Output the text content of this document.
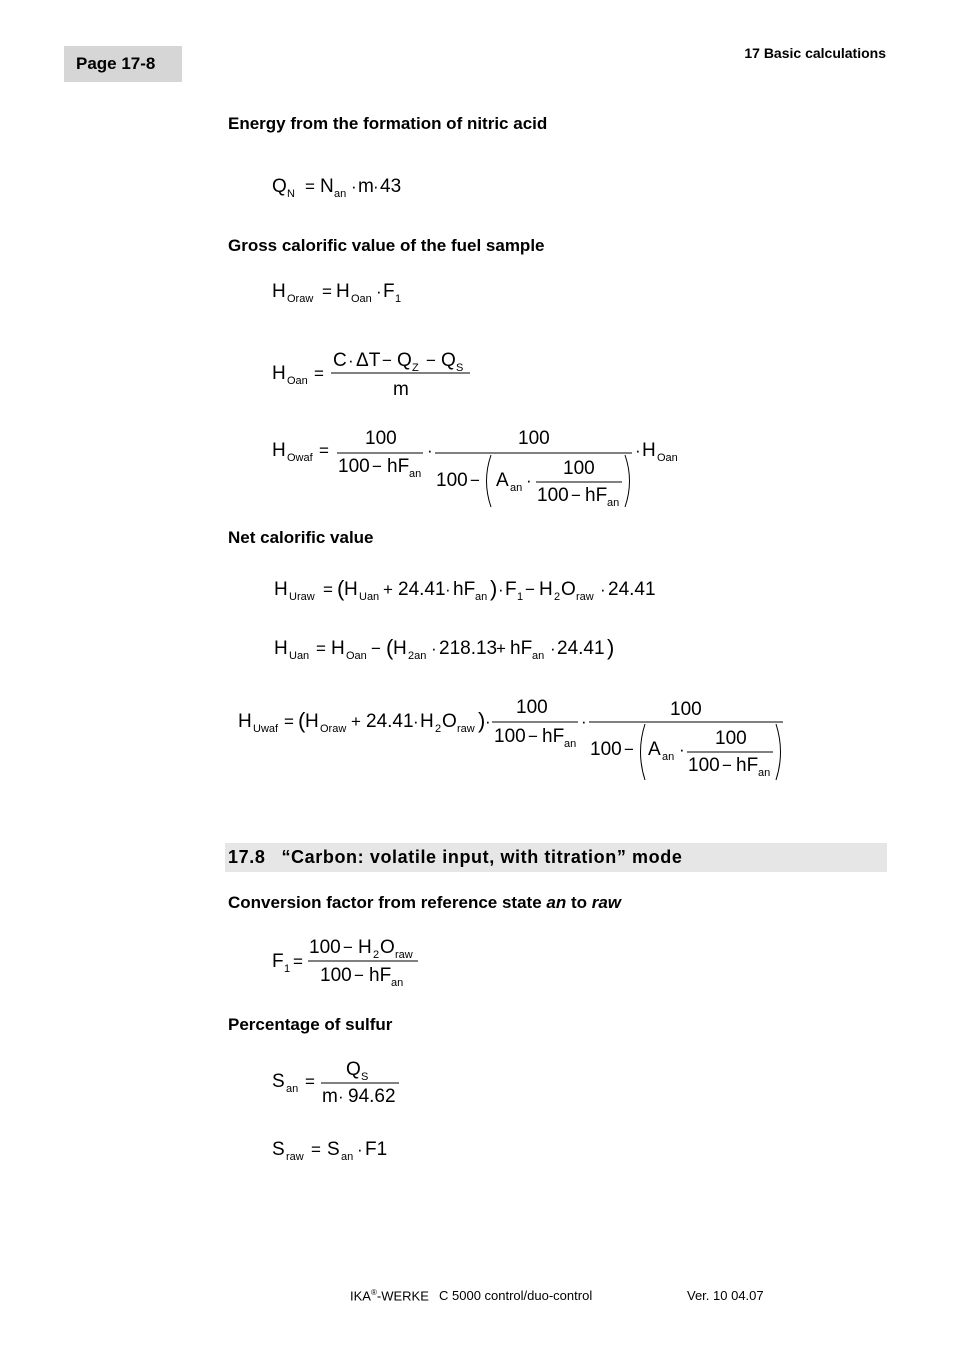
Page 17-8
17 Basic calculations
Energy from the formation of nitric acid
Q N = N an · m · 43
Gross calorific value of the fuel sample
H Oraw = H Oan · F 1
H Oan =
C · ΔT − Q Z − Q S
m
H Owaf =
100
100 − hF an
·
100
100 − A an ·
100
100 − hF an
· H Oan
Net calorific value
H Uraw = ( H Uan + 24.41 · hF an ) · F 1 − H 2 O raw · 24.41
H Uan = H Oan − ( H 2an · 218.13
+ hF an · 24.41 )
H Uwaf = ( H Oraw + 24.41 · H 2 O raw ) ·
100
100 − hF an
·
100
100 − A an ·
100
100 − hF an
17.8 “Carbon: volatile input, with titration” mode
Conversion factor from reference state an to raw
F 1 =
100 − H 2 O raw
100 − hF an
Percentage of sulfur
S an =
Q S
m · 94.62
S raw = S an · F1
IKA®-WERKE C 5000 control/duo-control	Ver. 10 04.07
